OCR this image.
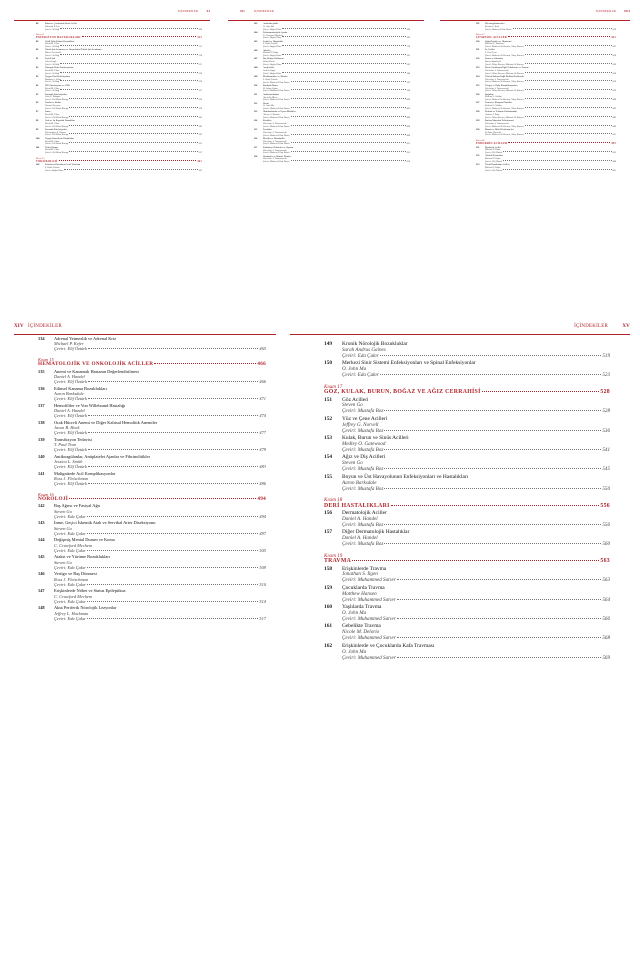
İÇİNDEKİLER	XI
88	İnfant ve Çocuklarda Renal Aciller
Deborah R. Liu
Çeviri: Ali Bağ	300
Kısım 11
ENFEKSİYON HASTALIKLARI	313
89	Ciddi Yollu Bakteri Hastalıkları
David M. Cline
Çeviri: Ali Bağ	313
90	Toksik Şok Sendromu ve Streptokokal Toksik Şok Sendromu
Marco Pescarelli
Çeviri: Ali Bağ	318
91	Seyfik Şok
John Gough
Çeviri: Ali Bağ	321
92	Yumuşak Doku Enfeksiyonları
David M. Cline
Çeviri: Ali Bağ	324
93	Yaygın Viral Enfeksiyonlar
Matthew L. Scher
Çeviri: Ali Bağ	329
94	HIV Enfeksiyonu ve AIDS
David M. Cline
Çeviri: Ali Bağ	331
95	Zoönotik Enfeksiyonlar
John C. Tedegen
Çeviri: Gül Kıbal Karagi	336
96	Yaralar ve Kuduz
Vincent Nacuoni
Çeviri: Gül Kıbal Karagi	339
97	Sıtma
David M. Cline
Çeviri: Gül Kıbal Karagi	341
98	Gıda ve Su Kaynaklı Hastalıklar
David M. Cline
Çeviri: Gül Kıbal Karagi	343
99	Zoonotik Enfeksiyonlar
Christopher R. Tainter
Çeviri: Gül Kıbal Karagi	347
100 Yaygın Parazitlerin Hastalıkları
David M. Cline
Çeviri: Gül Kıbal Karagi	352
101 Yıldız Hastası
David M. Cline
Çeviri: Gül Kıbal Karagi	357
Kısım 12
TOKSİKOLOJİ	361
102 Zehirlenen Hastaların Genel Yönetimi
L. Keith French
Çeviri: Buğra İlhan	361
XII	İÇİNDEKİLER
103 Antikolinerjikler
O. John Ma
Çeviri: Buğra İlhan	368
104 Psikofarmakolojik Ajanlar
C. Crawford Mechem
Çeviri: Buğra İlhan	369
105 Sedatif ve Hipnotikler
L. Keith French
Çeviri: Buğra İlhan	374
106 Alkoller
Michael P. Kefer
Çeviri: Buğra İlhan	381
107 İlaç Kötüye Kullanımı
Shane Kasin
Çeviri: Buğra İlhan	383
108 Analjezikler
Joshua Vogel
Çeviri: Buğra İlhan	388
109 Metilksantinler ve Nikotin
L. Keith French
Çeviri: Mehmet Cihat Demir	393
110 Kardiyak İlaçlar
D. Adam Algren
Çeviri: Mehmet Cihat Demir	398
111	Antikonvülzanlar
Alicia B. Minns
Çeviri: Mehmet Cihat Demir	400
112 Demir
O. John Ma
Çeviri: Mehmet Cihat Demir	402
113 Hidrokarbonlar ve Uçucu Maddeler
Allison A. Rusbak
Çeviri: Mehmet Cihat Demir	404
114 Kostikler
Christian A. Tomaszewski
Çeviri: Mehmet Cihat Demir	406
115 Pestisitler
Christian A. Tomaszewski
Çeviri: Mehmet Cihat Demir	408
116 Metaller ve Metaloidler
Christian A. Tomaszewski
Çeviri: Mehmet Cihat Demir	412
117 Endüstriyel Toksinler ve Siyanür
Christian A. Tomaszewski
Çeviri: Mehmet Cihat Demir	415
118 Vitaminler ve Bitkisel Ürünler
Christian A. Tomaszewski
Çeviri: Mehmet Cihat Demir	418
İÇİNDEKİLER	XIII
119 Dehemoglobinemiler
Kristen L. Roth
Çeviri: Mehmet Cihat Demir	420
Kısım 13
ÇEVRESEL ACİLLER	422
120 Soğuk İncikler ve Hipotermi
Michael C. Wadman
Çeviri: Mehmet Ali Karaca, Nilay Karaca	422
121 Isı Acilleri
T. Paul Tran
Çeviri: Mehmet Ali Karaca, Nilay Karaca	426
122 Isırma ve Sokmalar
Burton Bentley II
Çeviri: Nilay Karaca, Mehmet Ali Karaca	430
123 Deniz Canlılarıyla İlgili Zehirlenme ve Travma
Christian A. Tomaszewski
Çeviri: Nilay Karaca, Mehmet Ali Karaca	434
124 Yüksek Rakıma Bağlı Medikal Problemler
Christian A. Tomaszewski
Çeviri: Mehmet Ali Karaca, Nilay Karaca	436
125 Yüzgeç ve Dalış Komplikasyonları
Christian A. Tomaszewski
Çeviri: Nilay Karaca, Mehmet Ali Karaca	439
126 Boğulma
Richard A. Walker
Çeviri: Mehmet Ali Karaca, Nilay Karaca	440
127 Termal ve Kimyasal Yanıklar
Richard A. Walker
Çeviri: Mehmet Ali Karaca, Nilay Karaca	442
128 Elektrik ve Yıldırım Yaralanmaları
Andrew P. Rafe
Çeviri: Nilay Karaca, Mehmet Ali Karaca	445
129 Karbon Monoksit Zehirlenmesi
Christian A. Tomaszewski
Çeviri: Mehmet Ali Karaca, Nilay Karaca	449
130 Mantar ve Bitki Zehirlenmeleri
B. Zane Horowitz
Çeviri: Mehmet Ali Karaca, Nilay Karaca	451
Kısım 14
ENDOKRİN ACİLLER	455
131 Diyabetik Aciller
Michael P. Kefer
Çeviri: Elif Öztürk	455
132 Alkolik Ketoasidoz
Michael P. Kefer
Çeviri: Elif Öztürk	460
133 Tiroid Hastalıkları Acilleri
Michael P. Kefer
Çeviri: Elif Öztürk	461
XIV İÇİNDEKİLER
134 Adrenal Yetmezlik ve Adrenal Kriz
Michael P. Kefer
Çeviri: Elif Öztürk	465
Kısım 15
HEMATOLOJİK VE ONKOLOJİK ACİLLER	466
135 Anemi ve Kanamalı Hastanın Değerlendirilmesi
Daniel A. Handel
Çeviri: Elif Öztürk	466
136 Edinsel Kanama Bozuklukları
Aaron Barksdale
Çeviri: Elif Öztürk	471
137 Hemofililer ve Von Willebrand Hastalığı
Daniel A. Handel
Çeviri: Elif Öztürk	474
138 Orak Hücreli Anemi ve Diğer Kalıtsal Hemolitik Anemiler
Jason B. Hack
Çeviri: Elif Öztürk	477
139 Transfüzyon Tedavisi
T. Paul Tran
Çeviri: Elif Öztürk	479
140 Antikoagülanlar, Antiplatelet Ajanlar ve Fibrinolitikler
Jessica L. Smith
Çeviri: Elif Öztürk	483
141 Malignitede Acil Komplikasyonlar
Ross J. Fleischman
Çeviri: Elif Öztürk	486
Kısım 16
NÖROLOJİ	494
142 Baş Ağrısı ve Fasiyal Ağrı
Steven Go
Çeviri: Eda Çakır	494
143 İnme, Geçici İskemik Atak ve Servikal Arter Diseksiyonu
Steven Go
Çeviri: Eda Çakır	497
144 Değişmiş Mental Durum ve Koma
C. Crawford Mechem
Çeviri: Eda Çakır	505
145 Ataksi ve Yürüme Bozuklukları
Steven Go
Çeviri: Eda Çakır	509
146 Vertigo ve Baş Dönmesi
Ross J. Fleischman
Çeviri: Eda Çakır	510
147 Erişkinlerde Nöbet ve Status Epileptikus
C. Crawford Mechem
Çeviri: Eda Çakır	514
148 Akut Periferik Nörolojik Lezyonlar
Jeffrey L. Hackman
Çeviri: Eda Çakır	517
İÇİNDEKİLER	XV
149 Kronik Nörolojik Bozukluklar
Sarah Andrus Gaines
Çeviri: Eda Çakır	519
150 Merkezi Sinir Sistemi Enfeksiyonları ve Spinal Enfeksiyonlar
O. John Ma
Çeviri: Eda Çakır	523
Kısım 17
GÖZ, KULAK, BURUN, BOĞAZ VE AĞIZ CERRAHİSİ	528
151 Göz Acilleri
Steven Go
Çeviri: Mustafa Boz	528
152 Yüz ve Çene Acilleri
Jeffrey G. Norvell
Çeviri: Mustafa Boz	536
153 Kulak, Burun ve Sinüs Acilleri
Medley O. Gatewood
Çeviri: Mustafa Boz	541
154 Ağız ve Diş Acilleri
Steven Go
Çeviri: Mustafa Boz	545
155 Boyun ve Üst Havayolunun Enfeksiyonları ve Hastalıkları
Aaron Barksdale
Çeviri: Mustafa Boz	550
Kısım 18
DERİ HASTALIKLARI	556
156 Dermatolojik Aciller
Daniel A. Handel
Çeviri: Mustafa Boz	556
157 Diğer Dermatolojik Hastalıklar
Daniel A. Handel
Çeviri: Mustafa Boz	560
Kısım 19
TRAVMA	563
158 Erişkinlerde Travma
Jonathan S. Ilgen
Çeviri: Muhammed Sarıer	563
159 Çocuklarda Travma
Matthew Hansen
Çeviri: Muhammed Sarıer	564
160 Yaşlılarda Travma
O. John Ma
Çeviri: Muhammed Sarıer	566
161 Gebelikte Travma
Nicole M. Delorio
Çeviri: Muhammed Sarıer	568
162 Erişkinlerde ve Çocuklarda Kafa Travması
O. John Ma
Çeviri: Muhammed Sarıer	569
